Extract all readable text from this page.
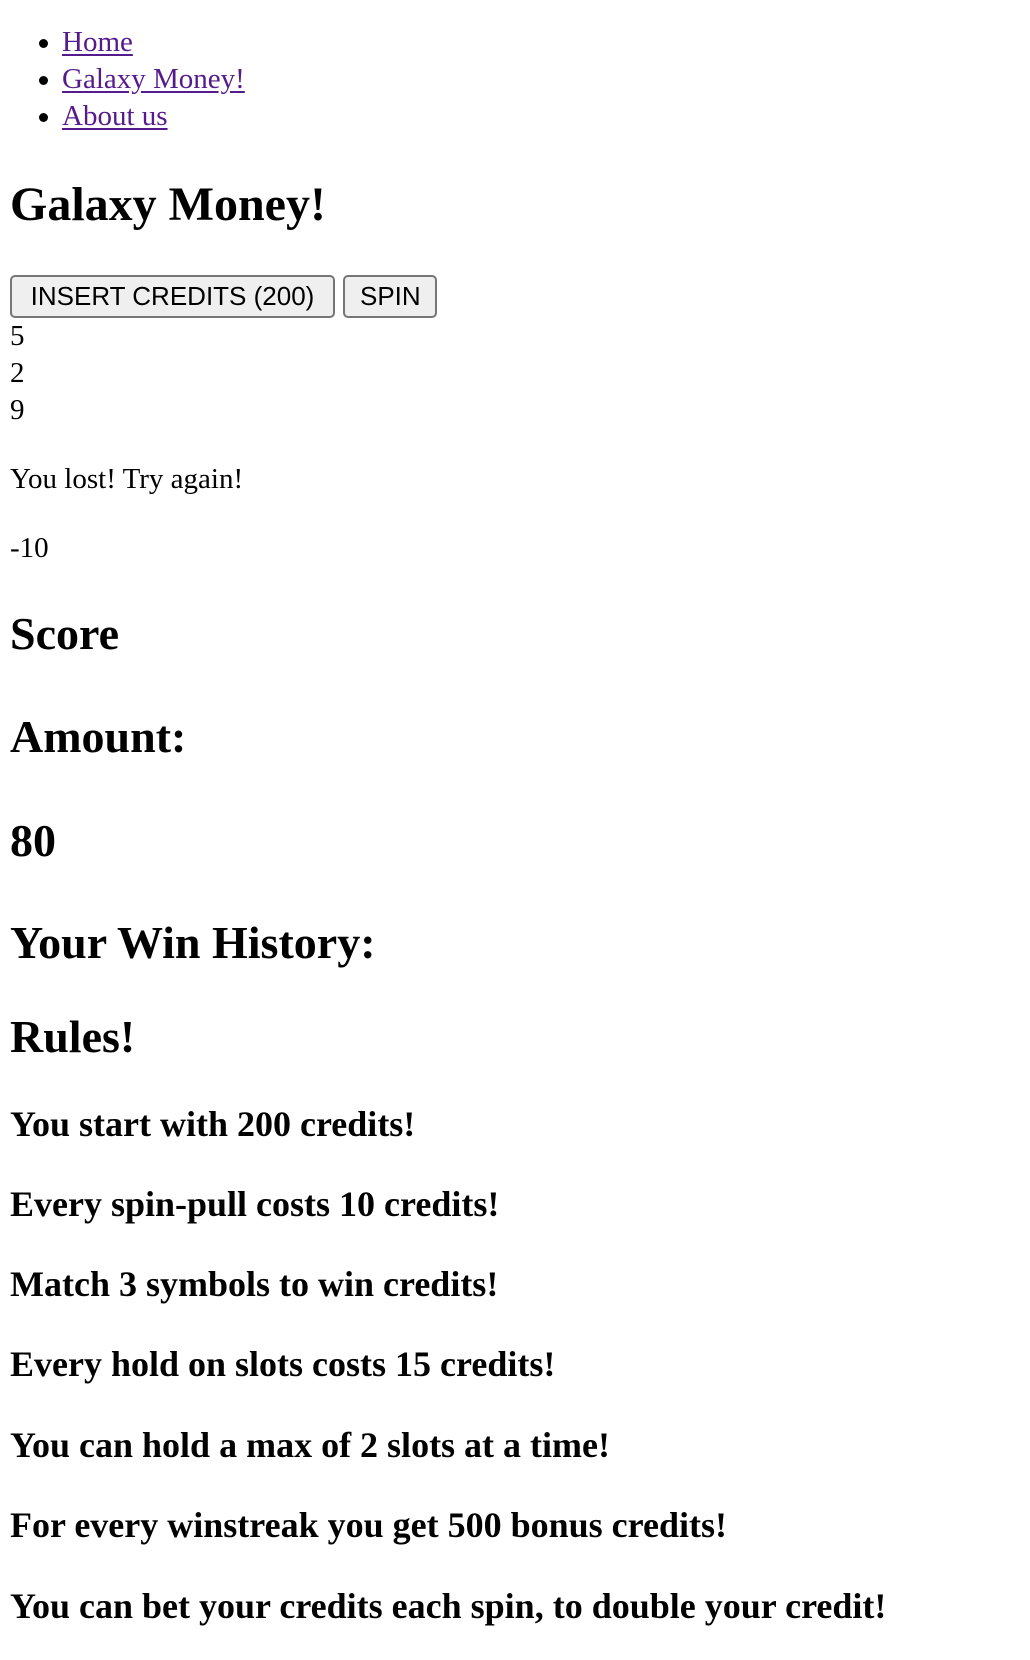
Home
Galaxy Money!
About us
Galaxy Money!
INSERT CREDITS (200)	SPIN
5
2
9

You lost! Try again!

-10

Score
Amount:
80
Your Win History:
Rules!
You start with 200 credits!
Every spin-pull costs 10 credits!
Match 3 symbols to win credits!
Every hold on slots costs 15 credits!
You can hold a max of 2 slots at a time!
For every winstreak you get 500 bonus credits!
You can bet your credits each spin, to double your credit!
